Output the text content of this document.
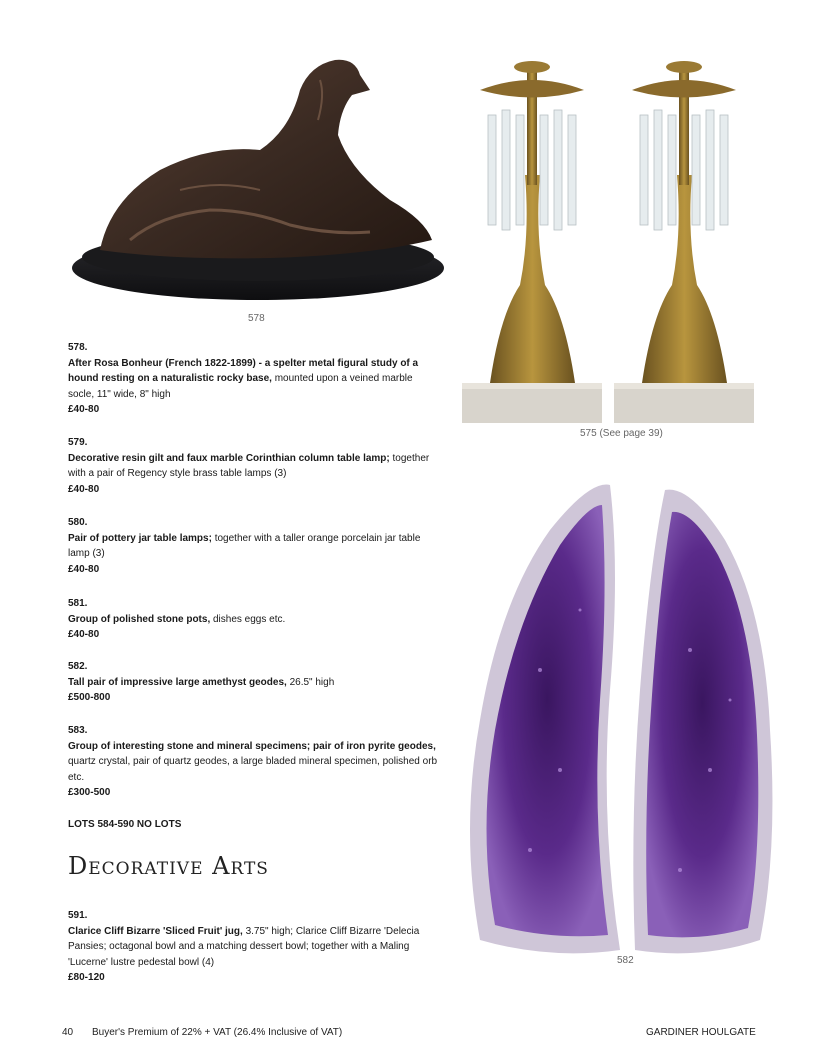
578
575 (See page 39)
582
578.
After Rosa Bonheur (French 1822-1899) - a spelter metal figural study of a hound resting on a naturalistic rocky base, mounted upon a veined marble socle, 11" wide, 8" high
£40-80
579.
Decorative resin gilt and faux marble Corinthian column table lamp; together with a pair of Regency style brass table lamps (3)
£40-80
580.
Pair of pottery jar table lamps; together with a taller orange porcelain jar table lamp (3)
£40-80
581.
Group of polished stone pots, dishes eggs etc.
£40-80
582.
Tall pair of impressive large amethyst geodes, 26.5" high
£500-800
583.
Group of interesting stone and mineral specimens; pair of iron pyrite geodes, quartz crystal, pair of quartz geodes, a large bladed mineral specimen, polished orb etc.
£300-500
LOTS 584-590 NO LOTS
Decorative Arts
591.
Clarice Cliff Bizarre 'Sliced Fruit' jug, 3.75" high; Clarice Cliff Bizarre 'Delecia Pansies; octagonal bowl and a matching dessert bowl; together with a Maling 'Lucerne' lustre pedestal bowl (4)
£80-120
40 Buyer's Premium of 22% + VAT (26.4% Inclusive of VAT)	GARDINER HOULGATE
